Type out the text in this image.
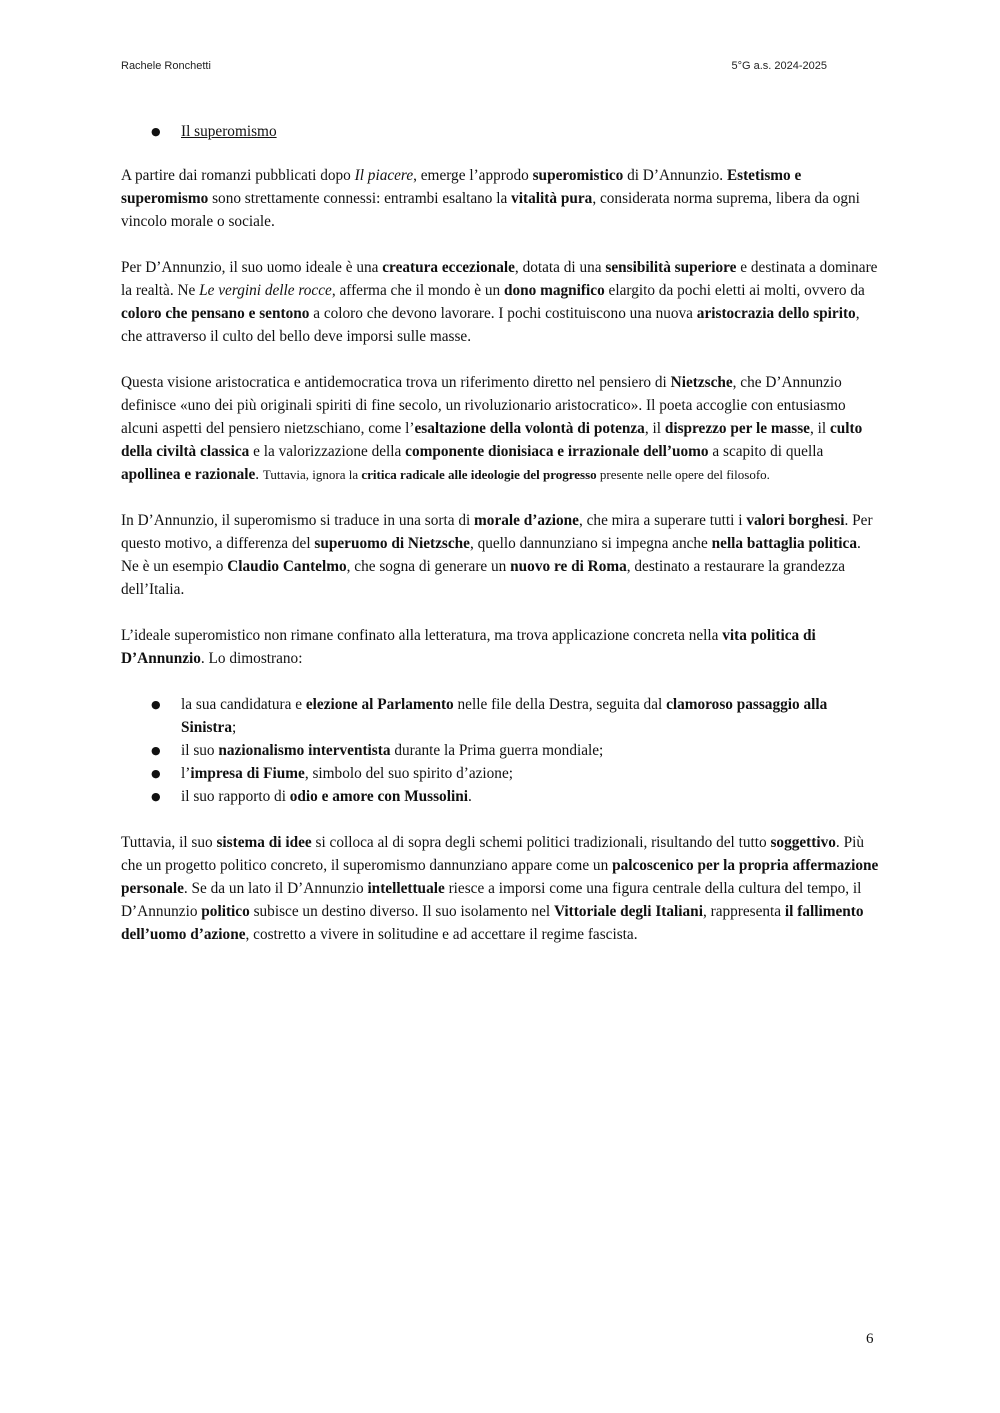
Rachele Ronchetti	5°G a.s. 2024-2025
● Il superomismo

A partire dai romanzi pubblicati dopo Il piacere, emerge l’approdo superomistico di D’Annunzio. Estetismo e superomismo sono strettamente connessi: entrambi esaltano la vitalità pura, considerata norma suprema, libera da ogni vincolo morale o sociale.

Per D’Annunzio, il suo uomo ideale è una creatura eccezionale, dotata di una sensibilità superiore e destinata a dominare la realtà. Ne Le vergini delle rocce, afferma che il mondo è un dono magnifico elargito da pochi eletti ai molti, ovvero da coloro che pensano e sentono a coloro che devono lavorare. I pochi costituiscono una nuova aristocrazia dello spirito, che attraverso il culto del bello deve imporsi sulle masse.

Questa visione aristocratica e antidemocratica trova un riferimento diretto nel pensiero di Nietzsche, che D’Annunzio definisce «uno dei più originali spiriti di fine secolo, un rivoluzionario aristocratico». Il poeta accoglie con entusiasmo alcuni aspetti del pensiero nietzschiano, come l’esaltazione della volontà di potenza, il disprezzo per le masse, il culto della civiltà classica e la valorizzazione della componente dionisiaca e irrazionale dell’uomo a scapito di quella apollinea e razionale. Tuttavia, ignora la critica radicale alle ideologie del progresso presente nelle opere del filosofo.

In D’Annunzio, il superomismo si traduce in una sorta di morale d’azione, che mira a superare tutti i valori borghesi. Per questo motivo, a differenza del superuomo di Nietzsche, quello dannunziano si impegna anche nella battaglia politica. Ne è un esempio Claudio Cantelmo, che sogna di generare un nuovo re di Roma, destinato a restaurare la grandezza dell’Italia.

L’ideale superomistico non rimane confinato alla letteratura, ma trova applicazione concreta nella vita politica di D’Annunzio. Lo dimostrano:

● la sua candidatura e elezione al Parlamento nelle file della Destra, seguita dal clamoroso passaggio alla Sinistra;
● il suo nazionalismo interventista durante la Prima guerra mondiale;
● l’impresa di Fiume, simbolo del suo spirito d’azione;
● il suo rapporto di odio e amore con Mussolini.

Tuttavia, il suo sistema di idee si colloca al di sopra degli schemi politici tradizionali, risultando del tutto soggettivo. Più che un progetto politico concreto, il superomismo dannunziano appare come un palcoscenico per la propria affermazione personale. Se da un lato il D’Annunzio intellettuale riesce a imporsi come una figura centrale della cultura del tempo, il D’Annunzio politico subisce un destino diverso. Il suo isolamento nel Vittoriale degli Italiani, rappresenta il fallimento dell’uomo d’azione, costretto a vivere in solitudine e ad accettare il regime fascista.

6
